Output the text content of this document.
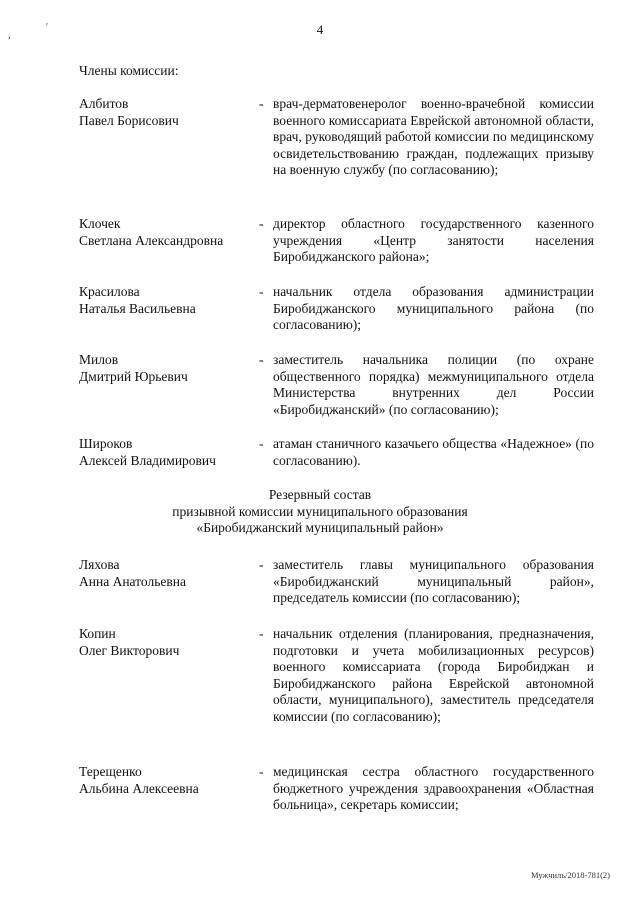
,
'	4
Члены комиссии:
Албитов
Павел Борисович
- врач-дерматовенеролог военно-врачебной комиссии военного комиссариата Еврейской автономной области, врач, руководящий работой комиссии по медицинскому освидетельствованию граждан, подлежащих призыву на военную службу (по согласованию);
Клочек
Светлана Александровна
- директор областного государственного казенного учреждения «Центр занятости населения Биробиджанского района»;
Красилова
Наталья Васильевна
- начальник отдела образования администрации Биробиджанского муниципального района (по согласованию);
Милов
Дмитрий Юрьевич
- заместитель начальника полиции (по охране общественного порядка) межмуниципального отдела Министерства внутренних дел России «Биробиджанский» (по согласованию);
Широков
Алексей Владимирович
- атаман станичного казачьего общества «Надежное» (по согласованию).
Резервный состав
призывной комиссии муниципального образования
«Биробиджанский муниципальный район»
Ляхова
Анна Анатольевна
- заместитель главы муниципального образования «Биробиджанский муниципальный район», председатель комиссии (по согласованию);
Копин
Олег Викторович
- начальник отделения (планирования, предназначения, подготовки и учета мобилизационных ресурсов) военного комиссариата (города Биробиджан и Биробиджанского района Еврейской автономной области, муниципального), заместитель председателя комиссии (по согласованию);
Терещенко
Альбина Алексеевна
- медицинская сестра областного государственного бюджетного учреждения здравоохранения «Областная больница», секретарь комиссии;
Мужчиль/2018-781(2)
